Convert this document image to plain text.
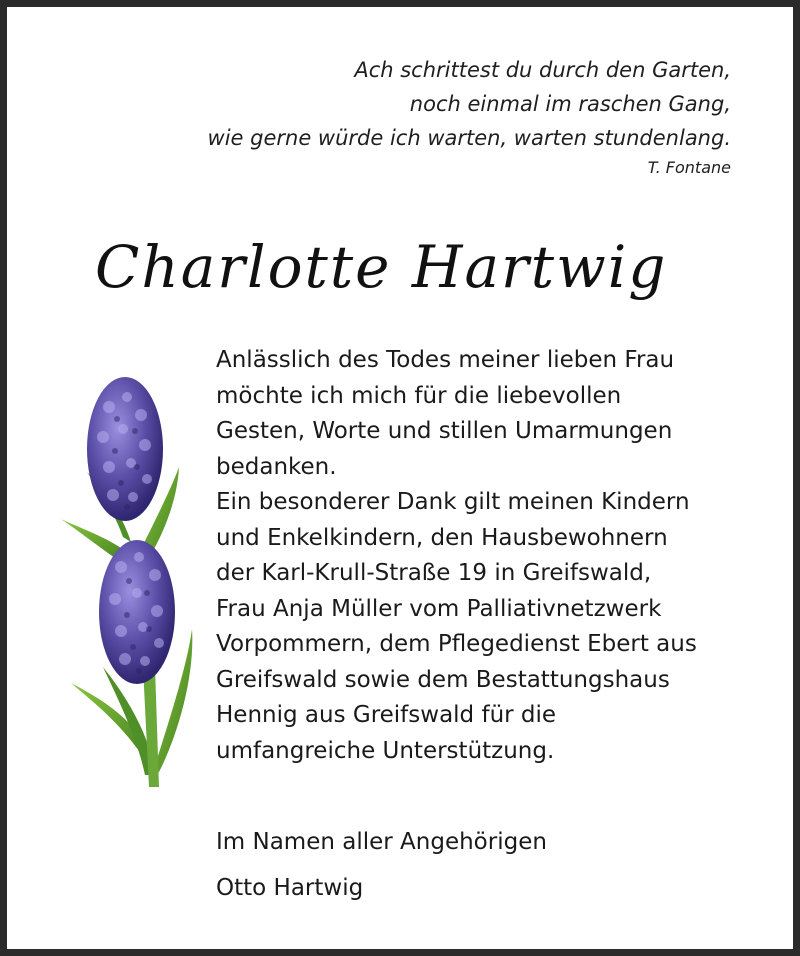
Ach schrittest du durch den Garten,
noch einmal im raschen Gang,
wie gerne würde ich warten, warten stundenlang.
T. Fontane
Charlotte Hartwig
Anlässlich des Todes meiner lieben Frau
möchte ich mich für die liebevollen
Gesten, Worte und stillen Umarmungen
bedanken.
Ein besonderer Dank gilt meinen Kindern
und Enkelkindern, den Hausbewohnern
der Karl-Krull-Straße 19 in Greifswald,
Frau Anja Müller vom Palliativnetzwerk
Vorpommern, dem Pflegedienst Ebert aus
Greifswald sowie dem Bestattungshaus
Hennig aus Greifswald für die
umfangreiche Unterstützung.
Im Namen aller Angehörigen
Otto Hartwig
